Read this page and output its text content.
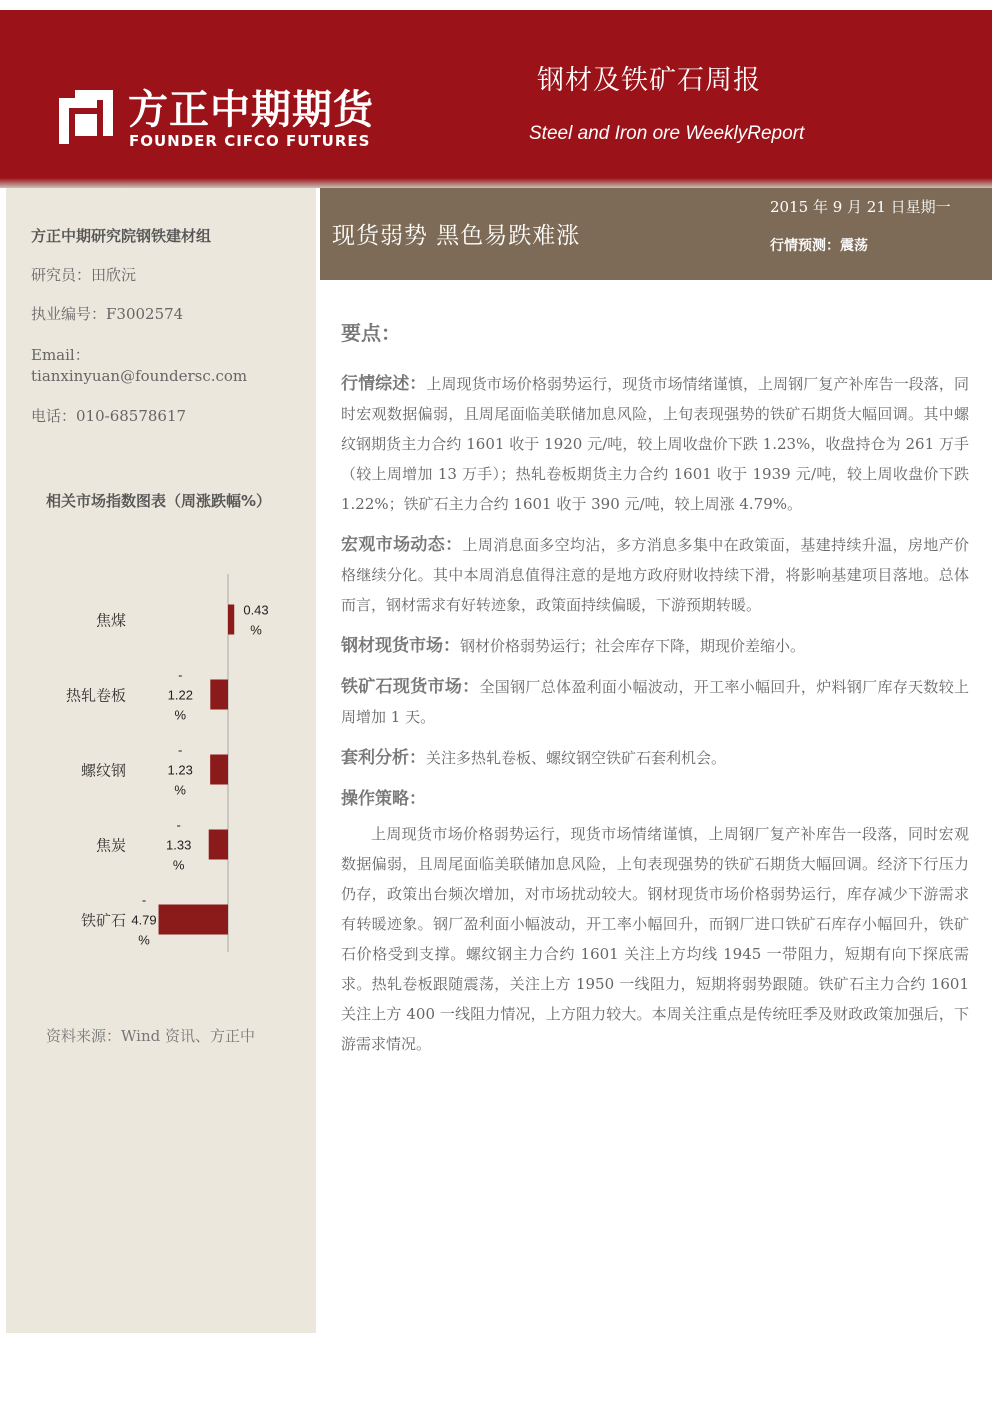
方正中期期货
FOUNDER CIFCO FUTURES
钢材及铁矿石周报
Steel and Iron ore WeeklyReport
方正中期研究院钢铁建材组
研究员：田欣沅
执业编号：F3002574
Email：
tianxinyuan@foundersc.com
电话：010-68578617
相关市场指数图表（周涨跌幅%）
焦煤
0.43
%
热轧卷板
-
1.22
%
螺纹钢
-
1.23
%
焦炭
-
1.33
%
铁矿石
-
4.79
%
资料来源：Wind 资讯、方正中
现货弱势 黑色易跌难涨
2015 年 9 月 21 日星期一
行情预测：震荡
要点：

行情综述：上周现货市场价格弱势运行，现货市场情绪谨慎，上周钢厂复产补库告一段落，同时宏观数据偏弱，且周尾面临美联储加息风险，上旬表现强势的铁矿石期货大幅回调。其中螺纹钢期货主力合约 1601 收于 1920 元/吨，较上周收盘价下跌 1.23%，收盘持仓为 261 万手（较上周增加 13 万手）；热轧卷板期货主力合约 1601 收于 1939 元/吨，较上周收盘价下跌 1.22%；铁矿石主力合约 1601 收于 390 元/吨，较上周涨 4.79%。

宏观市场动态：上周消息面多空均沾，多方消息多集中在政策面，基建持续升温，房地产价格继续分化。其中本周消息值得注意的是地方政府财收持续下滑，将影响基建项目落地。总体而言，钢材需求有好转迹象，政策面持续偏暖，下游预期转暖。

钢材现货市场：钢材价格弱势运行；社会库存下降，期现价差缩小。

铁矿石现货市场：全国钢厂总体盈利面小幅波动，开工率小幅回升，炉料钢厂库存天数较上周增加 1 天。

套利分析：关注多热轧卷板、螺纹钢空铁矿石套利机会。

操作策略：

上周现货市场价格弱势运行，现货市场情绪谨慎，上周钢厂复产补库告一段落，同时宏观数据偏弱，且周尾面临美联储加息风险，上旬表现强势的铁矿石期货大幅回调。经济下行压力仍存，政策出台频次增加，对市场扰动较大。钢材现货市场价格弱势运行，库存减少下游需求有转暖迹象。钢厂盈利面小幅波动，开工率小幅回升，而钢厂进口铁矿石库存小幅回升，铁矿石价格受到支撑。螺纹钢主力合约 1601 关注上方均线 1945 一带阻力，短期有向下探底需求。热轧卷板跟随震荡，关注上方 1950 一线阻力，短期将弱势跟随。铁矿石主力合约 1601 关注上方 400 一线阻力情况，上方阻力较大。本周关注重点是传统旺季及财政政策加强后，下游需求情况。
